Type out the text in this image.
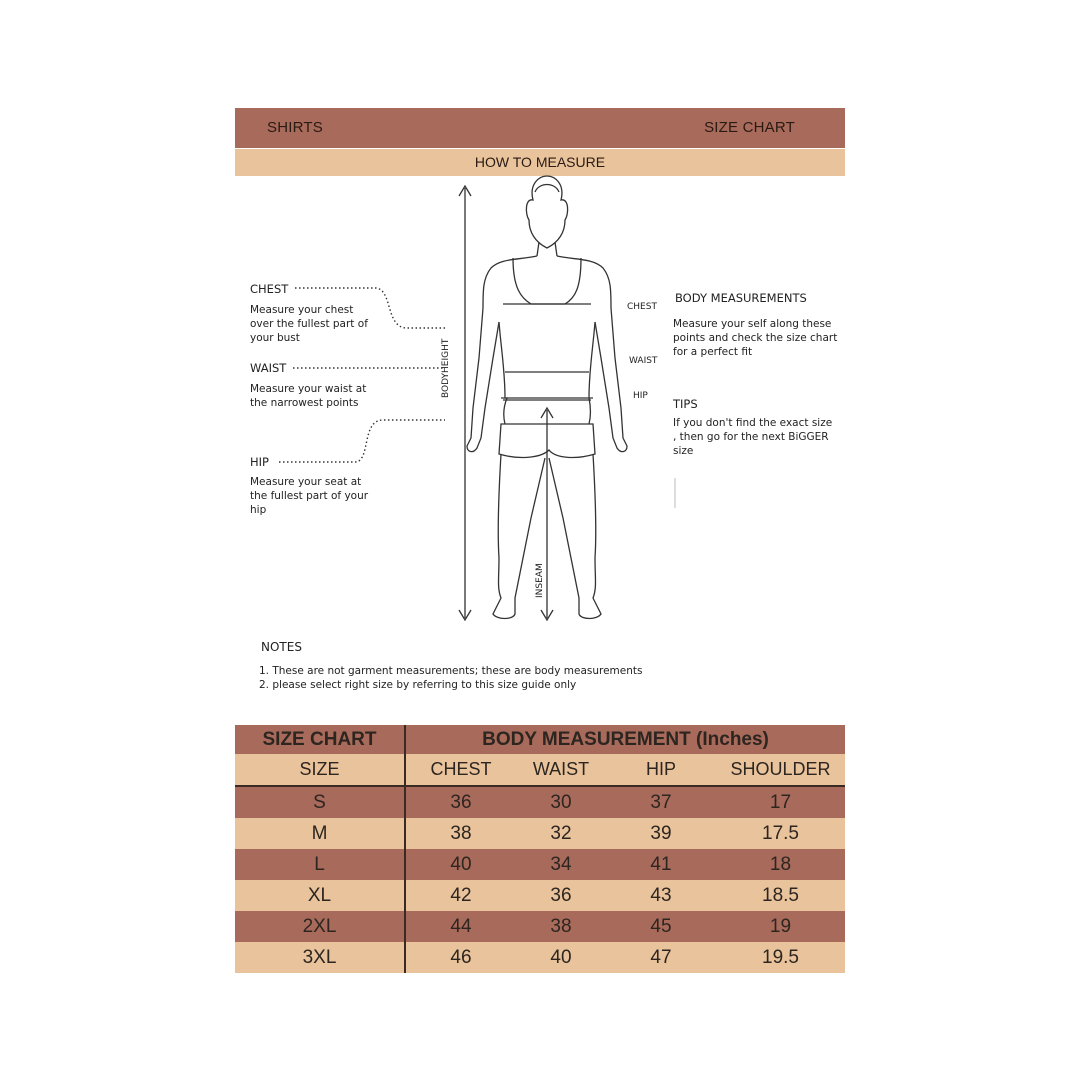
SHIRTS	SIZE CHART
HOW TO MEASURE
BODYHEIGHT
INSEAM
CHEST
WAIST
HIP
CHEST
Measure your chest over the fullest part of your bust
WAIST
Measure your waist at the narrowest points
HIP
Measure your seat at the fullest part of your hip
BODY MEASUREMENTS
Measure your self along these points and check the size chart for a perfect fit
TIPS
If you don't find the exact size , then go for the next BiGGER size
NOTES
1. These are not garment measurements; these are body measurements
2. please select right size by referring to this size guide only
SIZE CHART	BODY MEASUREMENT (Inches)			
SIZE	CHEST	WAIST	HIP	SHOULDER
S	36	30	37	17
M	38	32	39	17.5
L	40	34	41	18
XL	42	36	43	18.5
2XL	44	38	45	19
3XL	46	40	47	19.5
